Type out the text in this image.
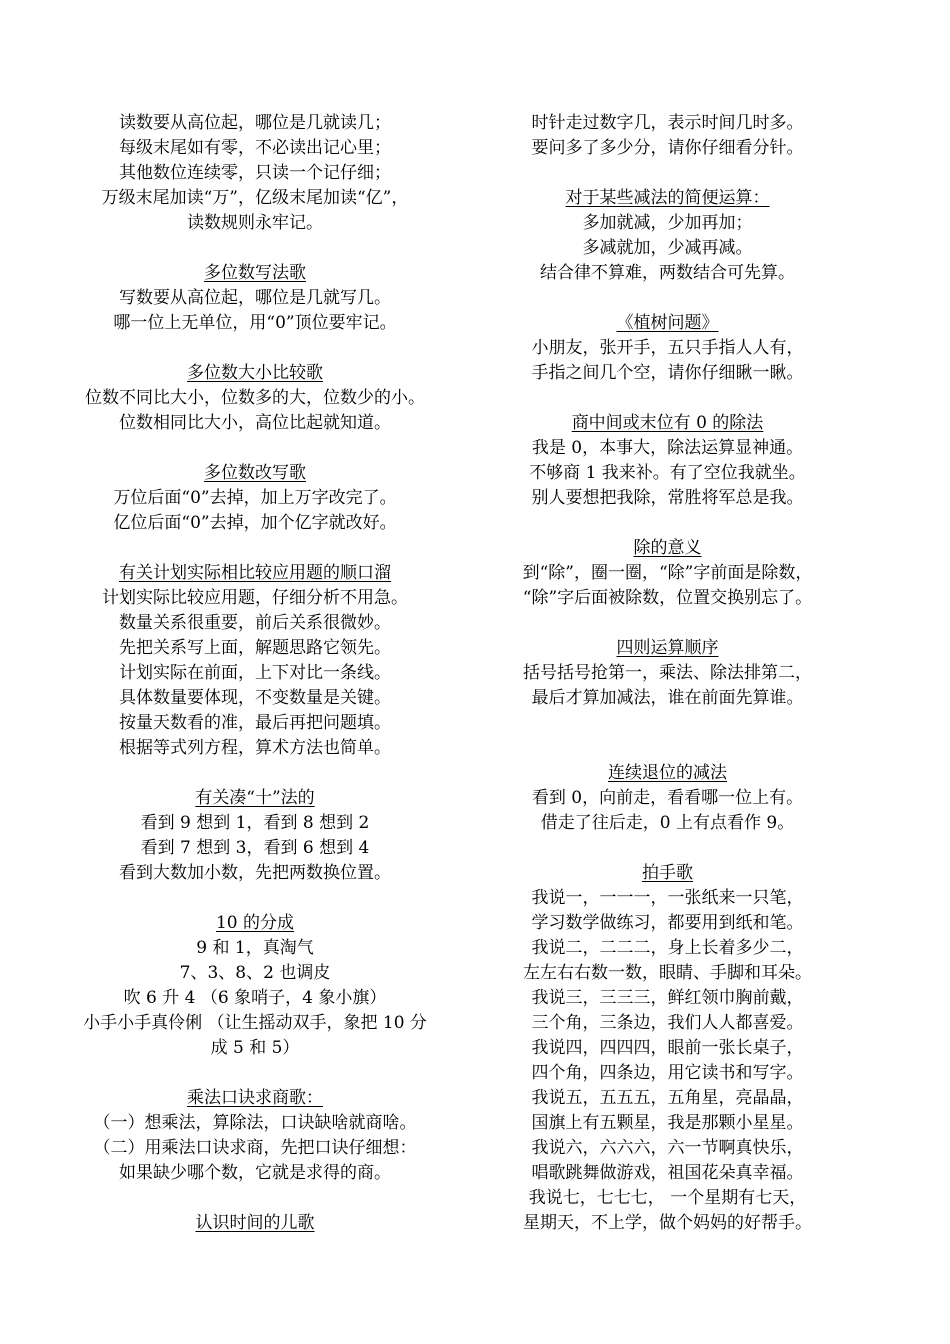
读数要从高位起，哪位是几就读几；
每级末尾如有零，不必读出记心里；
其他数位连续零，只读一个记仔细；
万级末尾加读“万”，亿级末尾加读“亿”，
读数规则永牢记。
多位数写法歌
写数要从高位起，哪位是几就写几。
哪一位上无单位，用“0”顶位要牢记。
多位数大小比较歌
位数不同比大小，位数多的大，位数少的小。
位数相同比大小，高位比起就知道。
多位数改写歌
万位后面“0”去掉，加上万字改完了。
亿位后面“0”去掉，加个亿字就改好。
有关计划实际相比较应用题的顺口溜
计划实际比较应用题，仔细分析不用急。
数量关系很重要，前后关系很微妙。
先把关系写上面，解题思路它领先。
计划实际在前面，上下对比一条线。
具体数量要体现，不变数量是关键。
按量天数看的准，最后再把问题填。
根据等式列方程，算术方法也简单。
有关凑“十”法的
看到 9 想到 1，看到 8 想到 2
看到 7 想到 3，看到 6 想到 4
看到大数加小数，先把两数换位置。
10 的分成
9 和 1，真淘气
7、3、8、2 也调皮
吹 6 升 4 （6 象哨子，4 象小旗）
小手小手真伶俐 （让生摇动双手，象把 10 分
成 5 和 5）
乘法口诀求商歌：
（一）想乘法，算除法，口诀缺啥就商啥。
（二）用乘法口诀求商，先把口诀仔细想：
如果缺少哪个数，它就是求得的商。
认识时间的儿歌
时针走过数字几，表示时间几时多。
要问多了多少分，请你仔细看分针。
对于某些减法的简便运算：
多加就减，少加再加；
多减就加，少减再减。
结合律不算难，两数结合可先算。
《植树问题》
小朋友，张开手，五只手指人人有，
手指之间几个空，请你仔细瞅一瞅。
商中间或末位有 0 的除法
我是 0，本事大，除法运算显神通。
不够商 1 我来补。有了空位我就坐。
别人要想把我除，常胜将军总是我。
除的意义
到“除”，圈一圈，“除”字前面是除数，
“除”字后面被除数，位置交换别忘了。
四则运算顺序
括号括号抢第一，乘法、除法排第二，
最后才算加减法，谁在前面先算谁。
连续退位的减法
看到 0，向前走，看看哪一位上有。
借走了往后走，0 上有点看作 9。
拍手歌
我说一，一一一，一张纸来一只笔，
学习数学做练习，都要用到纸和笔。
我说二，二二二，身上长着多少二，
左左右右数一数，眼睛、手脚和耳朵。
我说三，三三三，鲜红领巾胸前戴，
三个角，三条边，我们人人都喜爱。
我说四，四四四，眼前一张长桌子，
四个角，四条边，用它读书和写字。
我说五，五五五，五角星，亮晶晶，
国旗上有五颗星，我是那颗小星星。
我说六，六六六，六一节啊真快乐，
唱歌跳舞做游戏，祖国花朵真幸福。
我说七，七七七， 一个星期有七天，
星期天，不上学，做个妈妈的好帮手。
